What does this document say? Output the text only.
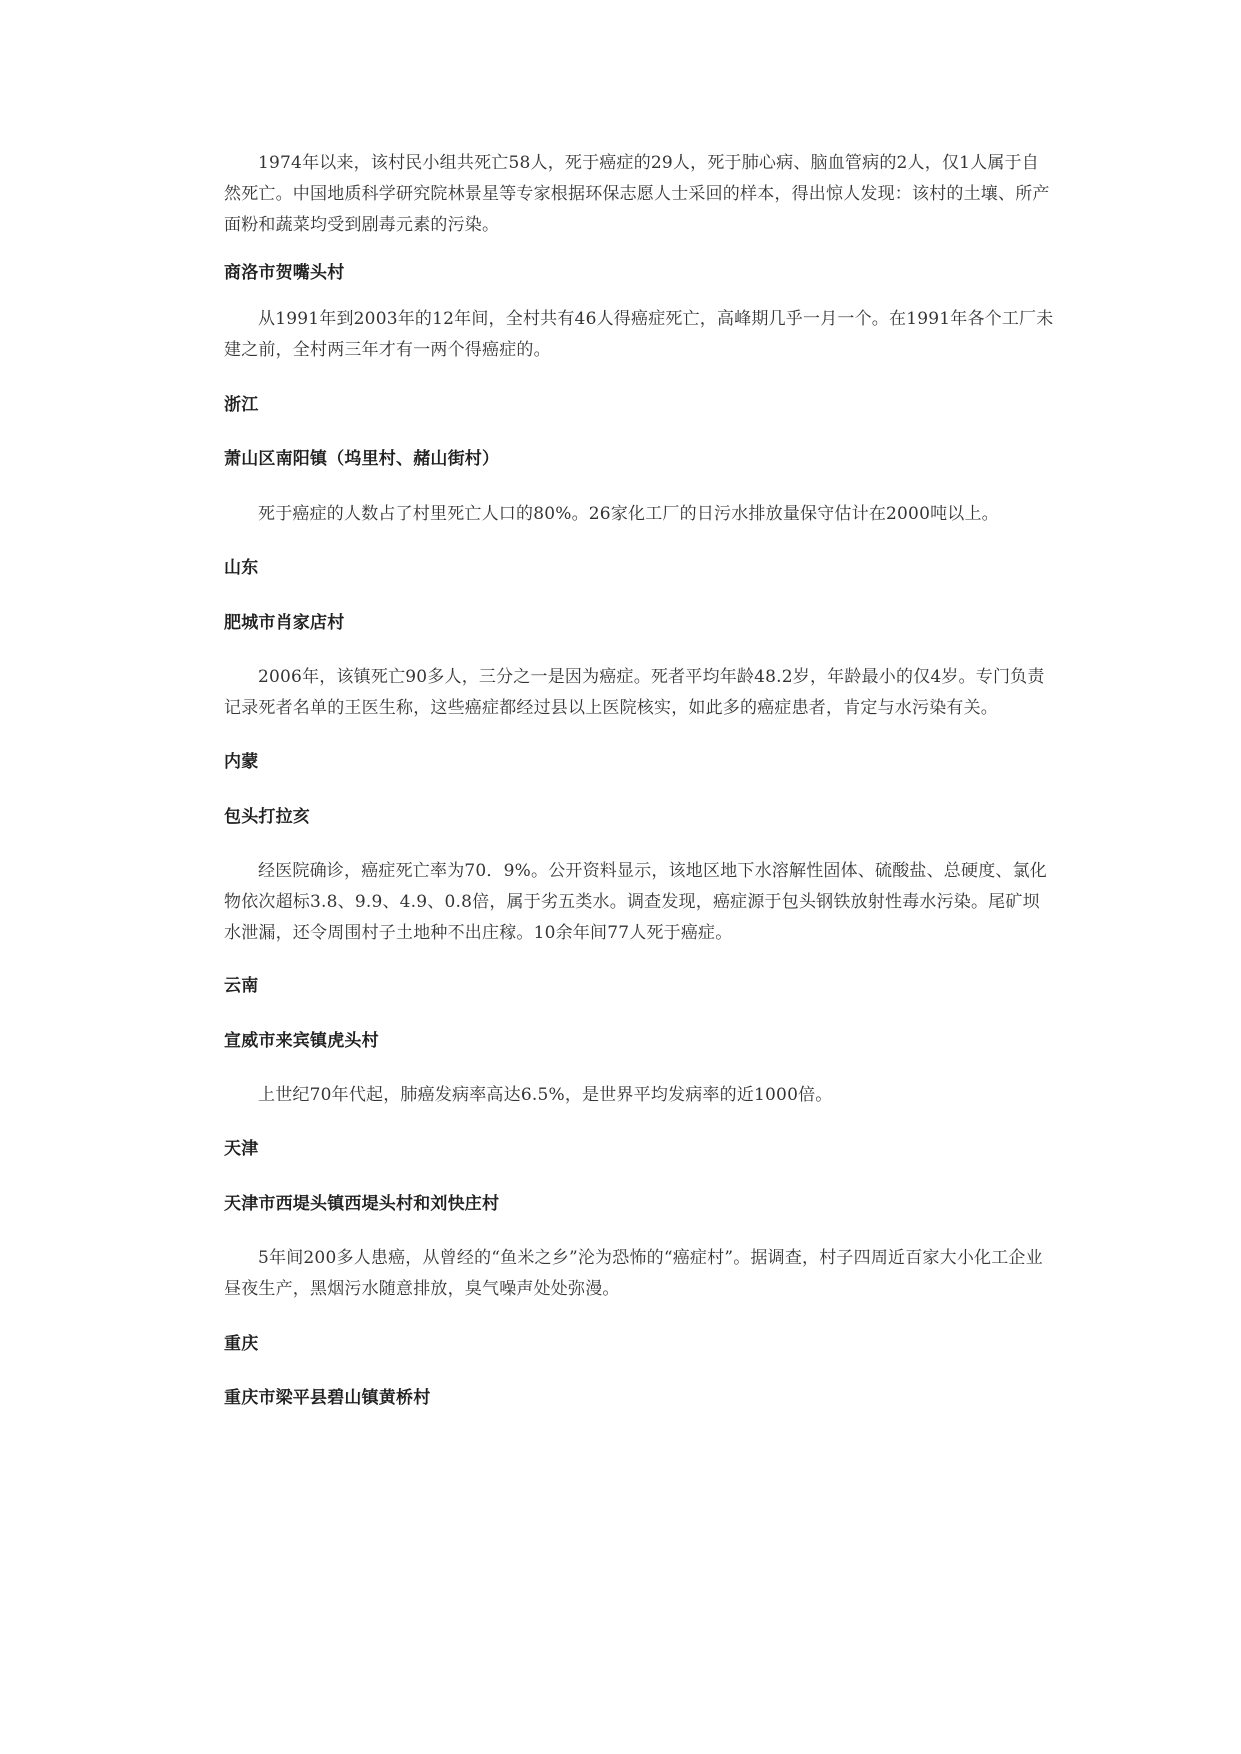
1974年以来，该村民小组共死亡58人，死于癌症的29人，死于肺心病、脑血管病的2人，仅1人属于自然死亡。中国地质科学研究院林景星等专家根据环保志愿人士采回的样本，得出惊人发现：该村的土壤、所产面粉和蔬菜均受到剧毒元素的污染。

商洛市贺嘴头村

从1991年到2003年的12年间，全村共有46人得癌症死亡，高峰期几乎一月一个。在1991年各个工厂未建之前，全村两三年才有一两个得癌症的。

浙江

萧山区南阳镇（坞里村、赭山街村）

死于癌症的人数占了村里死亡人口的80%。26家化工厂的日污水排放量保守估计在2000吨以上。

山东

肥城市肖家店村

2006年，该镇死亡90多人，三分之一是因为癌症。死者平均年龄48.2岁，年龄最小的仅4岁。专门负责记录死者名单的王医生称，这些癌症都经过县以上医院核实，如此多的癌症患者，肯定与水污染有关。

内蒙

包头打拉亥

经医院确诊，癌症死亡率为70．9%。公开资料显示，该地区地下水溶解性固体、硫酸盐、总硬度、氯化物依次超标3.8、9.9、4.9、0.8倍，属于劣五类水。调查发现，癌症源于包头钢铁放射性毒水污染。尾矿坝水泄漏，还令周围村子土地种不出庄稼。10余年间77人死于癌症。

云南

宣威市来宾镇虎头村

上世纪70年代起，肺癌发病率高达6.5%，是世界平均发病率的近1000倍。

天津

天津市西堤头镇西堤头村和刘快庄村

5年间200多人患癌，从曾经的“鱼米之乡”沦为恐怖的“癌症村”。据调查，村子四周近百家大小化工企业昼夜生产，黑烟污水随意排放，臭气噪声处处弥漫。

重庆

重庆市梁平县碧山镇黄桥村
